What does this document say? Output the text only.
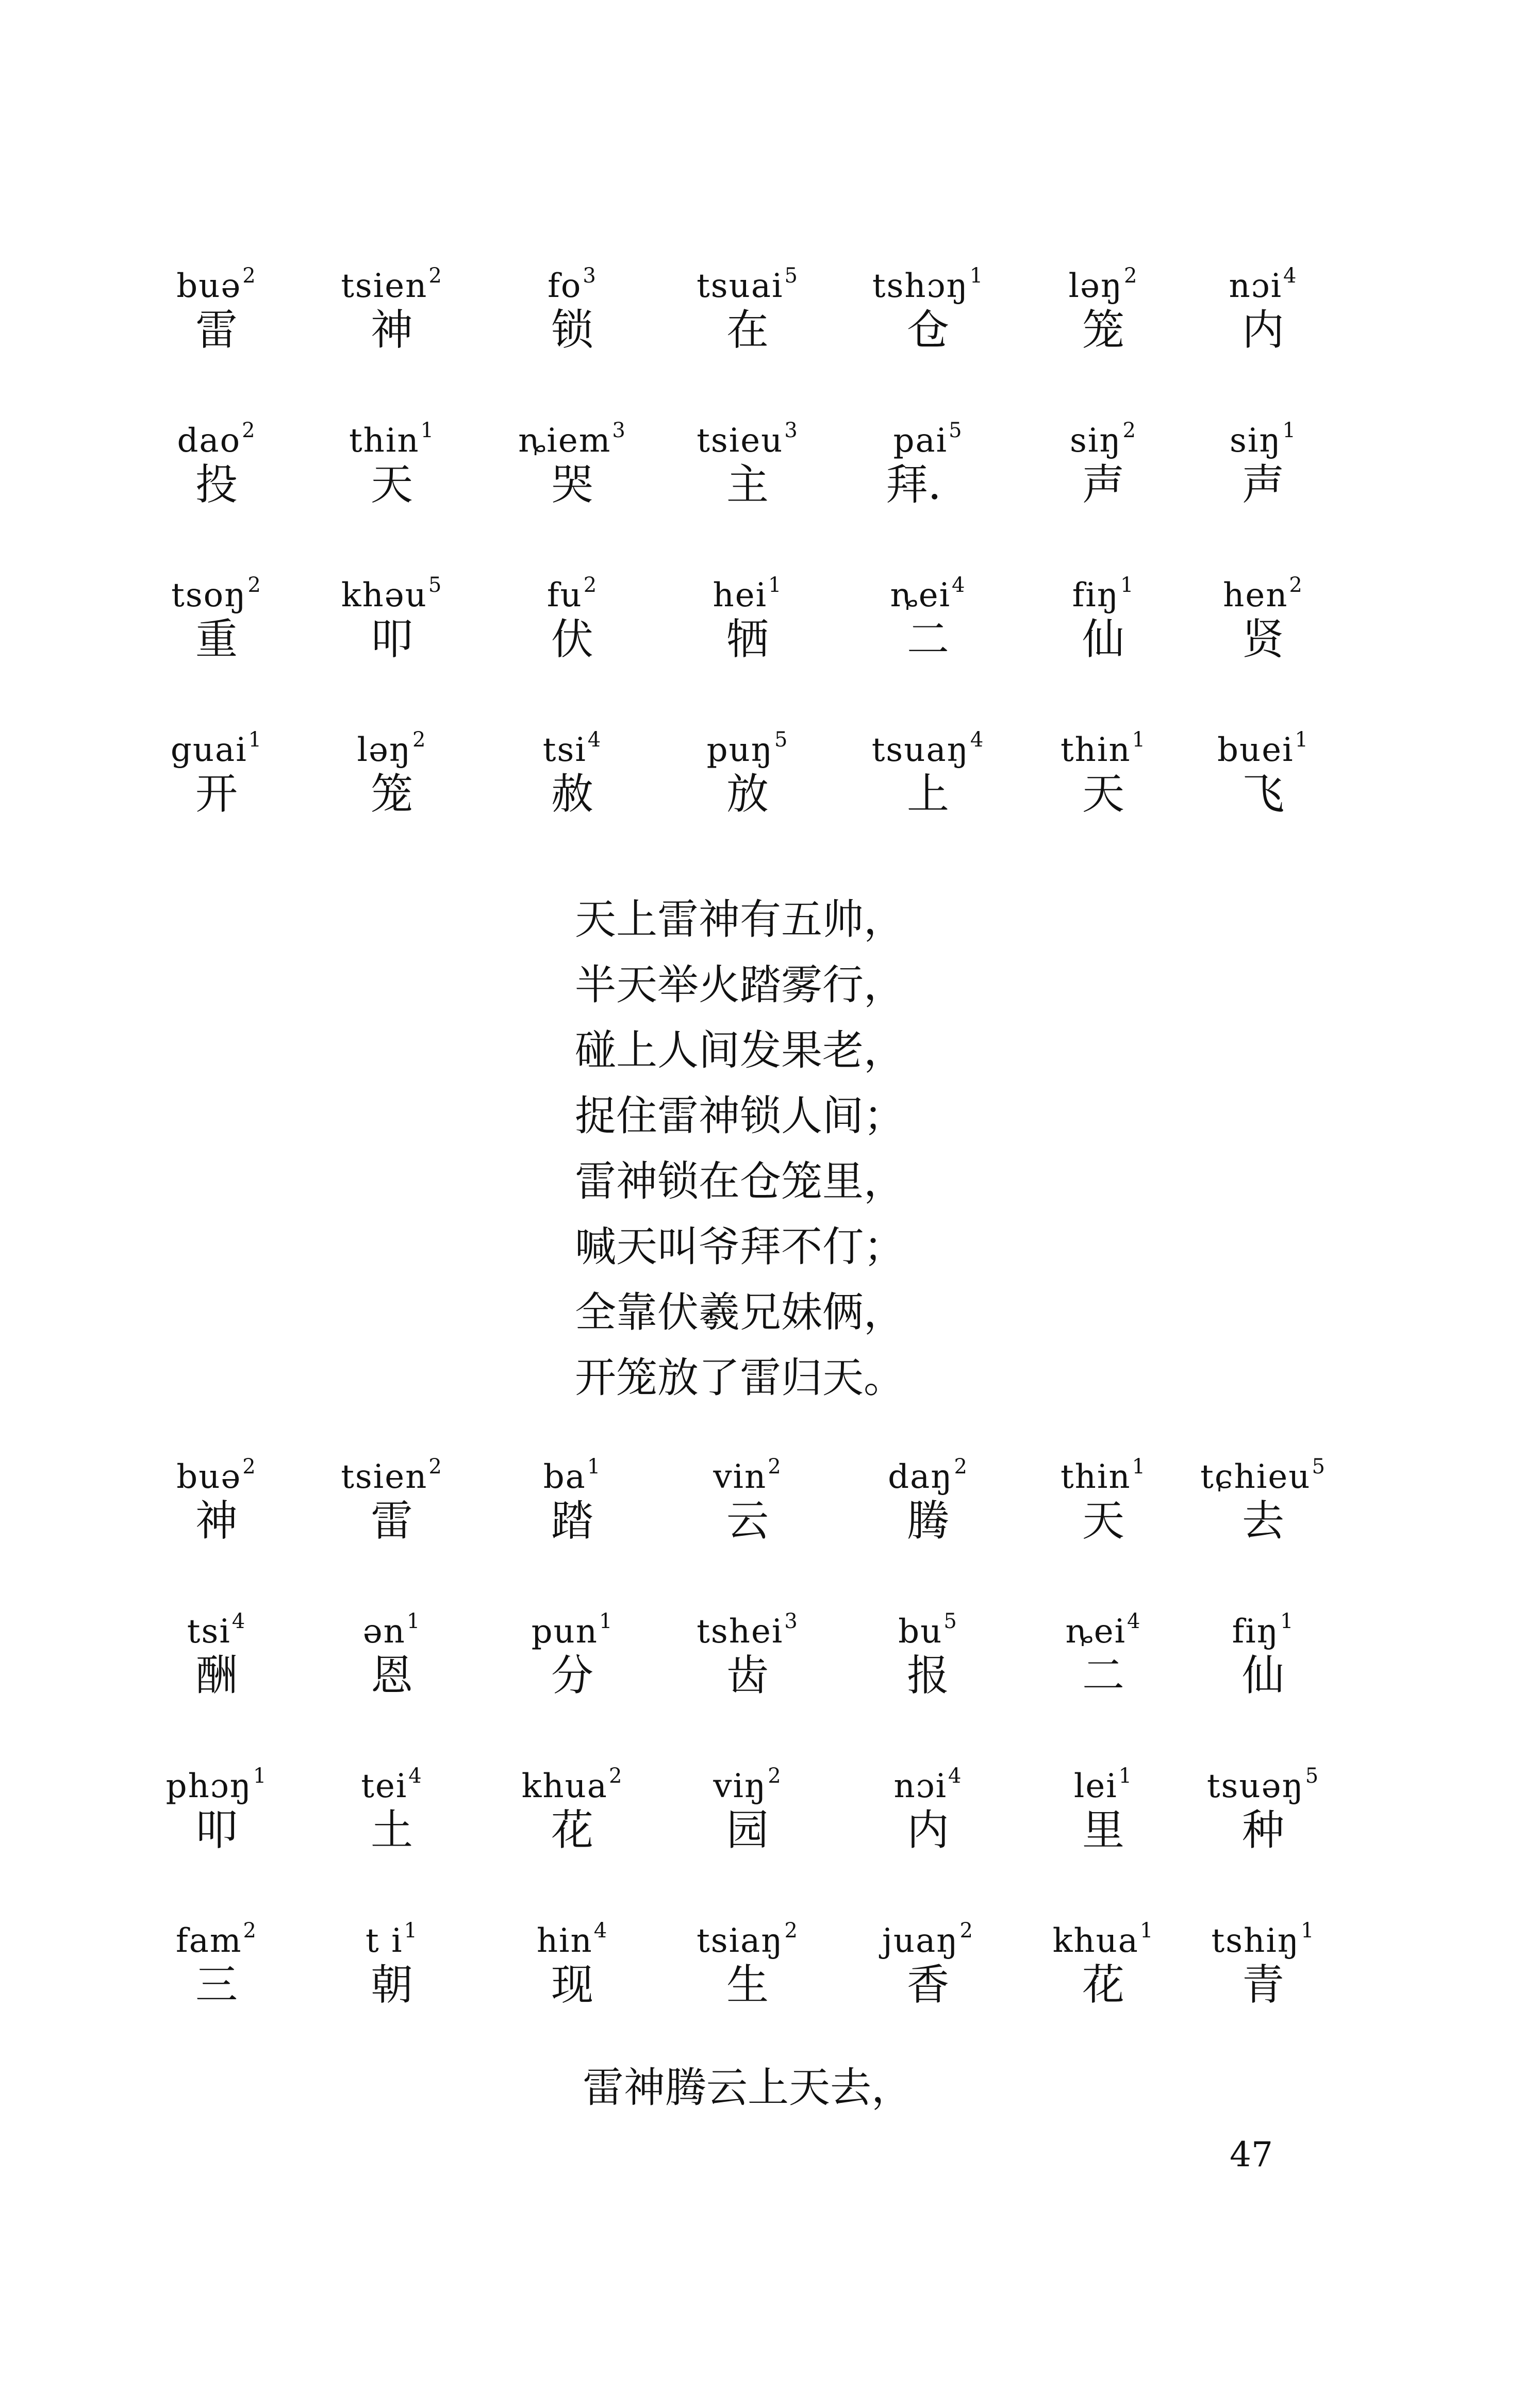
buə$^2$
雷
tsien$^2$
神
$fo^3$
锁
tsuai$^5$
在
tshɔŋ$^1$
仓
ləŋ$^2$
笼
nɔi$^4$
内
dao$^2$
投
thin$^1$
天
ȵiem$^3$
哭
tsieu$^3$
主
pai$^5$
拜．
siŋ$^2$
声
siŋ$^1$
声
tsoŋ$^2$
重
khəu$^5$
叩
$fu^2$
伏
hei$^1$
牺
ȵei$^4$
二
fiŋ$^1$
仙
hen$^2$
贤
guai$^1$
开
ləŋ$^2$
笼
tsi$^4$
赦
puŋ$^5$
放
tsuaŋ$^4$
上
thin$^1$
天
buei$^1$
飞
天上雷神有五帅，
半天举火踏雾行，
碰上人间发果老，
捉住雷神锁人间；
雷神锁在仓笼里，
喊天叫爷拜不仃；
全靠伏羲兄妹俩，
开笼放了雷归天。
buə$^2$
神
tsien$^2$
雷
$ba^1$
踏
vin$^2$
云
daŋ$^2$
腾
thin$^1$
天
tɕhieu$^5$
去
tsi$^4$
酬
ən$^1$
恩
pun$^1$
分
tshei$^3$
齿
$bu^5$
报
ȵei$^4$
二
fiŋ$^1$
仙
phɔŋ$^1$
叩
tei$^4$
土
khua$^2$
花
viŋ$^2$
园
nɔi$^4$
内
lei$^1$
里
tsuəŋ$^5$
种
fam$^2$
三
t $i^1$
朝
hin$^4$
现
tsiaŋ$^2$
生
juaŋ$^2$
香
khua$^1$
花
tshiŋ$^1$
青
雷神腾云上天去，
47
